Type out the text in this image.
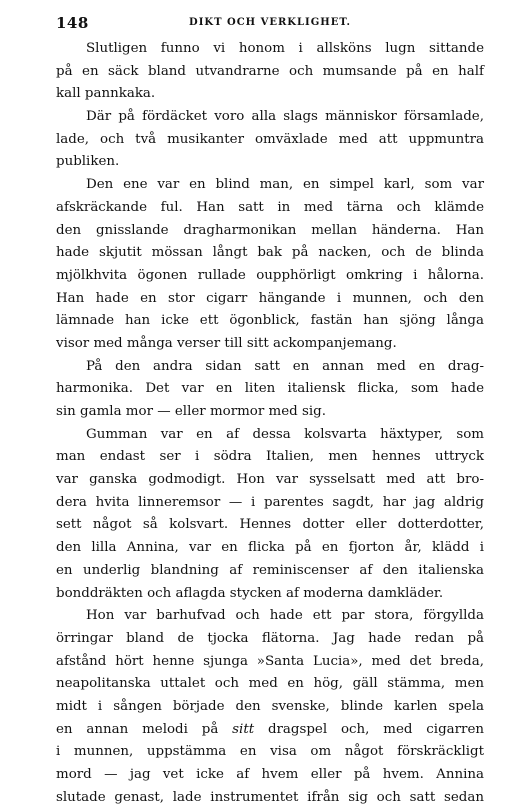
148	DIKT OCH VERKLIGHET.
Slutligen funno vi honom i allsköns lugn sittande
på en säck bland utvandrarne och mumsande på en half
kall pannkaka.
Där på fördäcket voro alla slags människor församlade,
lade, och två musikanter omväxlade med att uppmuntra
publiken.
Den ene var en blind man, en simpel karl, som var
afskräckande ful. Han satt in med tärna och klämde
den gnisslande dragharmonikan mellan händerna. Han
hade skjutit mössan långt bak på nacken, och de blinda
mjölkhvita ögonen rullade oupphörligt omkring i hålorna.
Han hade en stor cigarr hängande i munnen, och den
lämnade han icke ett ögonblick, fastän han sjöng långa
visor med många verser till sitt ackompanjemang.
På den andra sidan satt en annan med en drag-
harmonika. Det var en liten italiensk flicka, som hade
sin gamla mor — eller mormor med sig.
Gumman var en af dessa kolsvarta häxtyper, som
man endast ser i södra Italien, men hennes uttryck
var ganska godmodigt. Hon var sysselsatt med att bro-
dera hvita linneremsor — i parentes sagdt, har jag aldrig
sett något så kolsvart. Hennes dotter eller dotterdotter,
den lilla Annina, var en flicka på en fjorton år, klädd i
en underlig blandning af reminiscenser af den italienska
bonddräkten och aflagda stycken af moderna damkläder.
Hon var barhufvad och hade ett par stora, förgyllda
örringar bland de tjocka flätorna. Jag hade redan på
afstånd hört henne sjunga »Santa Lucia», med det breda,
neapolitanska uttalet och med en hög, gäll stämma, men
midt i sången började den svenske, blinde karlen spela
en annan melodi på sitt dragspel och, med cigarren
i munnen, uppstämma en visa om något förskräckligt
mord — jag vet icke af hvem eller på hvem. Annina
slutade genast, lade instrumentet ifrån sig och satt sedan
